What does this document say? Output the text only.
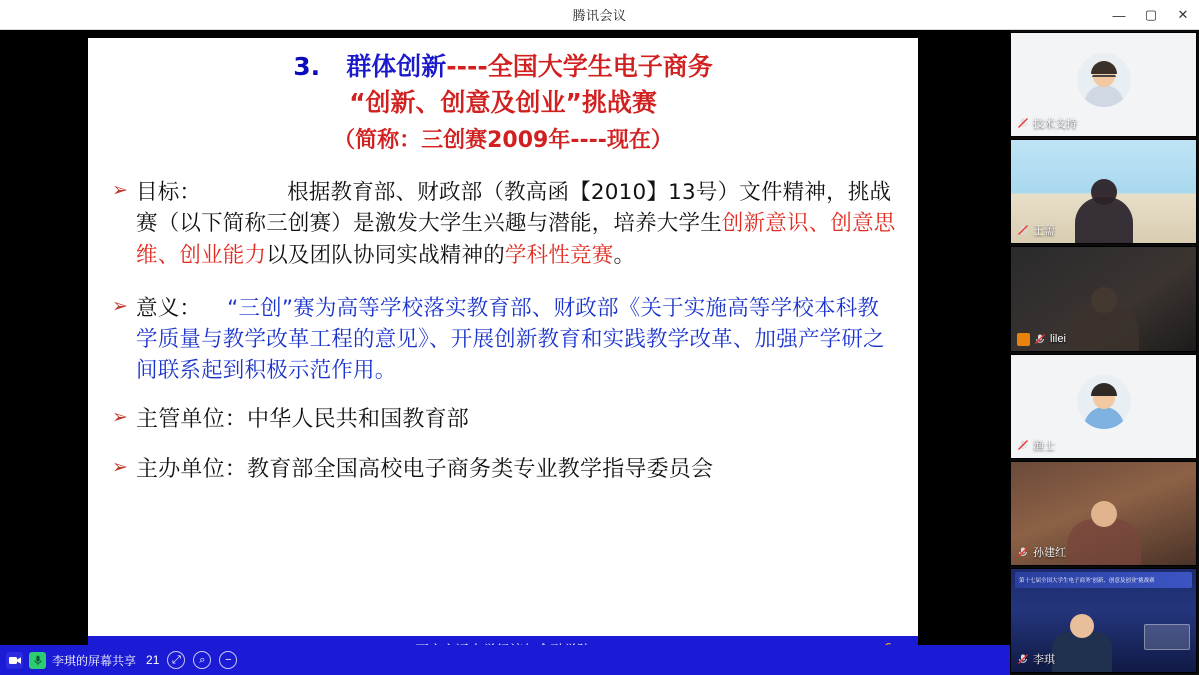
腾讯会议	—	▢	✕
3. 群体创新----全国大学生电子商务
“创新、创意及创业”挑战赛
（简称：三创赛2009年----现在）
➢ 目标：	根据教育部、财政部（教高函【2010】13号）文件精神，挑战赛（以下简称三创赛）是激发大学生兴趣与潜能，培养大学生创新意识、创意思维、创业能力以及团队协同实战精神的学科性竞赛。
➢ 意义： “三创”赛为高等学校落实教育部、财政部《关于实施高等学校本科教学质量与教学改革工程的意见》、开展创新教育和实践教学改革、加强产学研之间联系起到积极示范作用。
➢ 主管单位：中华人民共和国教育部
➢ 主办单位：教育部全国高校电子商务类专业教学指导委员会
李琪的屏幕共享 21	⤢	⌕	−
技术支持
王薷
lilei
渔士
孙建红
第十七届全国大学生电子商务“创新、创意及创业”挑战赛
李琪
